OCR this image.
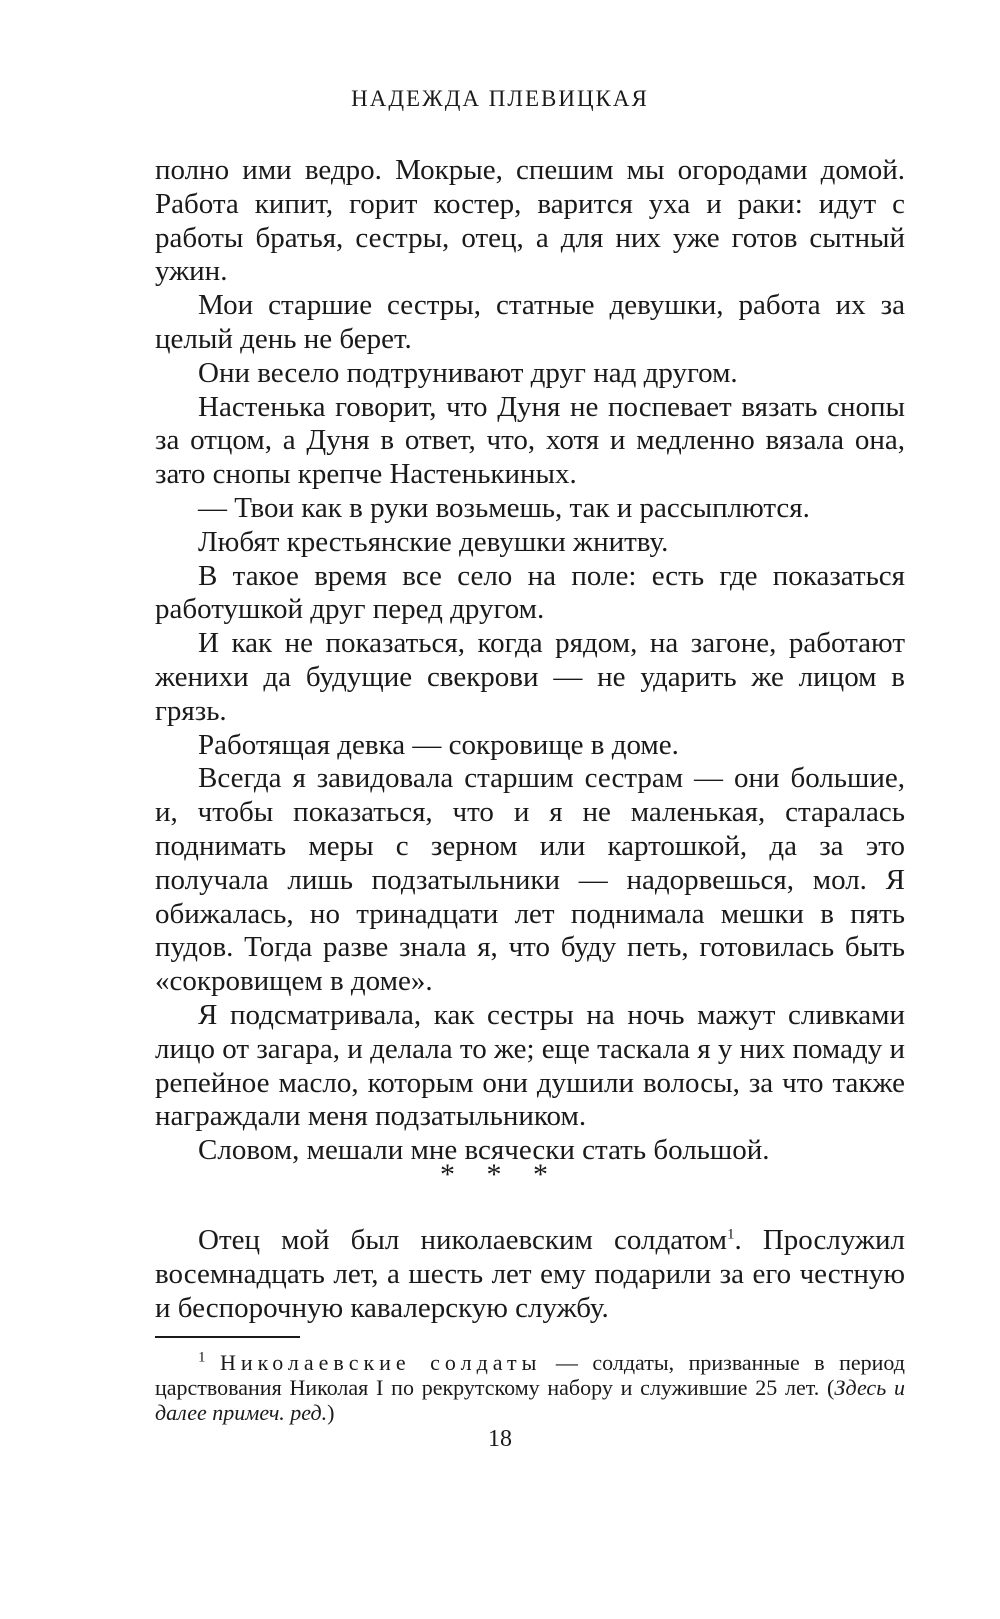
НАДЕЖДА ПЛЕВИЦКАЯ

полно ими ведро. Мокрые, спешим мы огородами домой. Работа кипит, горит костер, варится уха и раки: идут с работы братья, сестры, отец, а для них уже готов сытный ужин.

Мои старшие сестры, статные девушки, работа их за целый день не берет.

Они весело подтрунивают друг над другом.

Настенька говорит, что Дуня не поспевает вязать снопы за отцом, а Дуня в ответ, что, хотя и медленно вязала она, зато снопы крепче Настенькиных.

— Твои как в руки возьмешь, так и рассыплются.

Любят крестьянские девушки жнитву.

В такое время все село на поле: есть где показаться работушкой друг перед другом.

И как не показаться, когда рядом, на загоне, работают женихи да будущие свекрови — не ударить же лицом в грязь.

Работящая девка — сокровище в доме.

Всегда я завидовала старшим сестрам — они большие, и, чтобы показаться, что и я не маленькая, старалась поднимать меры с зерном или картошкой, да за это получала лишь подзатыльники — надорвешься, мол. Я обижалась, но тринадцати лет поднимала мешки в пять пудов. Тогда разве знала я, что буду петь, готовилась быть «сокровищем в доме».

Я подсматривала, как сестры на ночь мажут сливками лицо от загара, и делала то же; еще таскала я у них помаду и репейное масло, которым они душили волосы, за что также награждали меня подзатыльником.

Словом, мешали мне всячески стать большой.

* * *

Отец мой был николаевским солдатом$^1$. Прослужил восемнадцать лет, а шесть лет ему подарили за его честную и беспорочную кавалерскую службу.

$^1$ Николаевские солдаты — солдаты, призванные в период царствования Николая I по рекрутскому набору и служившие 25 лет. (Здесь и далее примеч. ред.)

18
